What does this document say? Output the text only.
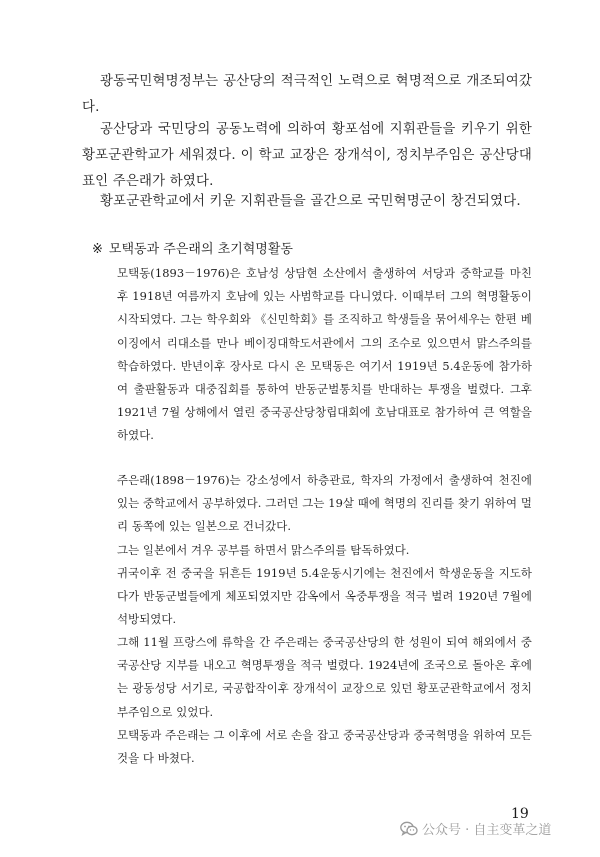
광동국민혁명정부는 공산당의 적극적인 노력으로 혁명적으로 개조되여갔다.

공산당과 국민당의 공동노력에 의하여 황포섬에 지휘관들을 키우기 위한 황포군관학교가 세워졌다. 이 학교 교장은 장개석이, 정치부주임은 공산당대표인 주은래가 하였다.

황포군관학교에서 키운 지휘관들을 골간으로 국민혁명군이 창건되였다.

※ 모택동과 주은래의 초기혁명활동

모택동(1893－1976)은 호남성 상담현 소산에서 출생하여 서당과 중학교를 마친 후 1918년 여름까지 호남에 있는 사범학교를 다니였다. 이때부터 그의 혁명활동이 시작되였다. 그는 학우회와 《신민학회》를 조직하고 학생들을 묶어세우는 한편 베이징에서 리대소를 만나 베이징대학도서관에서 그의 조수로 있으면서 맑스주의를 학습하였다. 반년이후 장사로 다시 온 모택동은 여기서 1919년 5.4운동에 참가하여 출판활동과 대중집회를 통하여 반동군벌통치를 반대하는 투쟁을 벌렸다. 그후 1921년 7월 상해에서 열린 중국공산당창립대회에 호남대표로 참가하여 큰 역할을 하였다.

주은래(1898－1976)는 강소성에서 하층관료, 학자의 가정에서 출생하여 천진에 있는 중학교에서 공부하였다. 그러던 그는 19살 때에 혁명의 진리를 찾기 위하여 멀리 동쪽에 있는 일본으로 건너갔다.

그는 일본에서 겨우 공부를 하면서 맑스주의를 탐독하였다.

귀국이후 전 중국을 뒤흔든 1919년 5.4운동시기에는 천진에서 학생운동을 지도하다가 반동군벌들에게 체포되였지만 감옥에서 옥중투쟁을 적극 벌려 1920년 7월에 석방되였다.

그해 11월 프랑스에 류학을 간 주은래는 중국공산당의 한 성원이 되여 해외에서 중국공산당 지부를 내오고 혁명투쟁을 적극 벌렸다. 1924년에 조국으로 돌아온 후에는 광동성당 서기로, 국공합작이후 장개석이 교장으로 있던 황포군관학교에서 정치부주임으로 있었다.

모택동과 주은래는 그 이후에 서로 손을 잡고 중국공산당과 중국혁명을 위하여 모든것을 다 바쳤다.

19
公众号 · 自主变革之道
